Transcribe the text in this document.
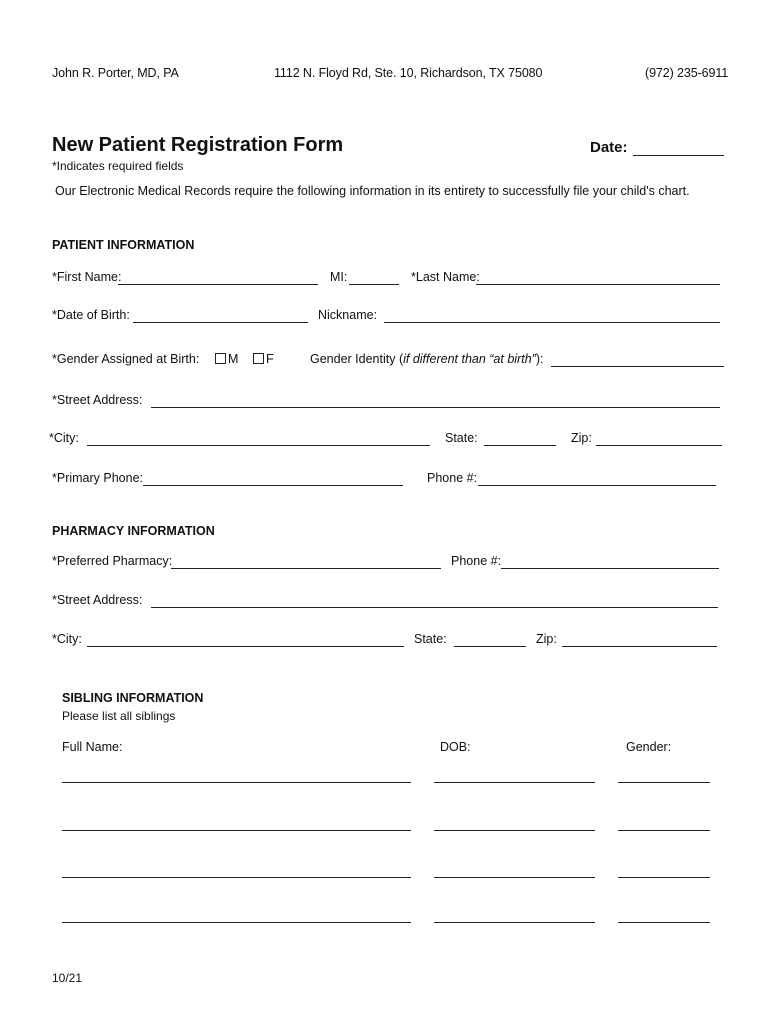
John R. Porter, MD, PA	1112 N. Floyd Rd, Ste. 10, Richardson, TX 75080	(972) 235-6911
New Patient Registration Form	Date:
*Indicates required fields
Our Electronic Medical Records require the following information in its entirety to successfully file your child's chart.
PATIENT INFORMATION
*First Name:	MI:	*Last Name:
*Date of Birth:	Nickname:
*Gender Assigned at Birth:	M	F	Gender Identity (if different than “at birth”):
*Street Address:
*City:	State:	Zip:
*Primary Phone:	Phone #:
PHARMACY INFORMATION
*Preferred Pharmacy:	Phone #:
*Street Address:
*City:	State:	Zip:
SIBLING INFORMATION
Please list all siblings
Full Name:	DOB:	Gender:
10/21
